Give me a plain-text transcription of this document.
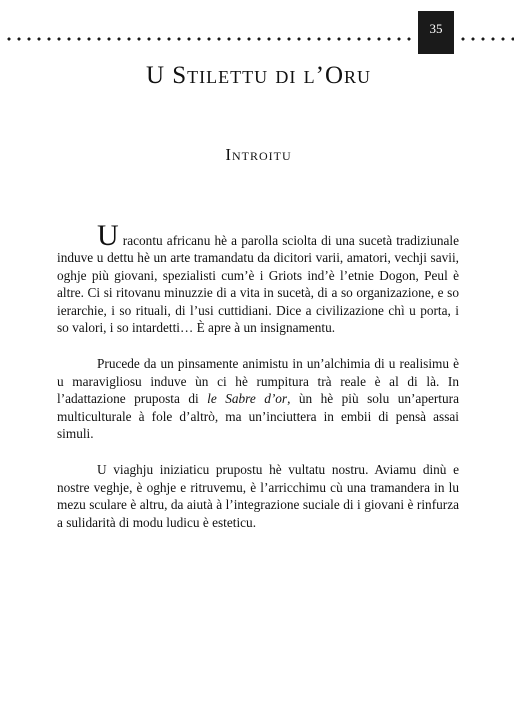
35
U Stilettu di l’Oru
Introitu

U racontu africanu hè a parolla sciolta di una sucetà tradiziunale induve u dettu hè un arte tramandatu da dicitori varii, amatori, vechji savii, oghje più giovani, spezialisti cum’è i Griots ind’è l’etnie Dogon, Peul è altre. Ci si ritovanu minuzzie di a vita in sucetà, di a so organizazione, e so ierarchie, i so rituali, di l’usi cuttidiani. Dice a civilizazione chì u porta, i so valori, i so intardetti… È apre à un insignamentu.

Prucede da un pinsamente animistu in un’alchimia di u realisimu è u maravigliosu induve ùn ci hè rumpitura trà reale è al di là. In l’adattazione pruposta di le Sabre d’or, ùn hè più solu un’apertura multiculturale à fole d’altrò, ma un’inciuttera in embii di pensà assai simuli.

U viaghju iniziaticu prupostu hè vultatu nostru. Aviamu dinù e nostre veghje, è oghje e ritruvemu, è l’arricchimu cù una tramandera in lu mezu sculare è altru, da aiutà à l’integrazione suciale di i giovani è rinfurza a sulidarità di modu ludicu è esteticu.
